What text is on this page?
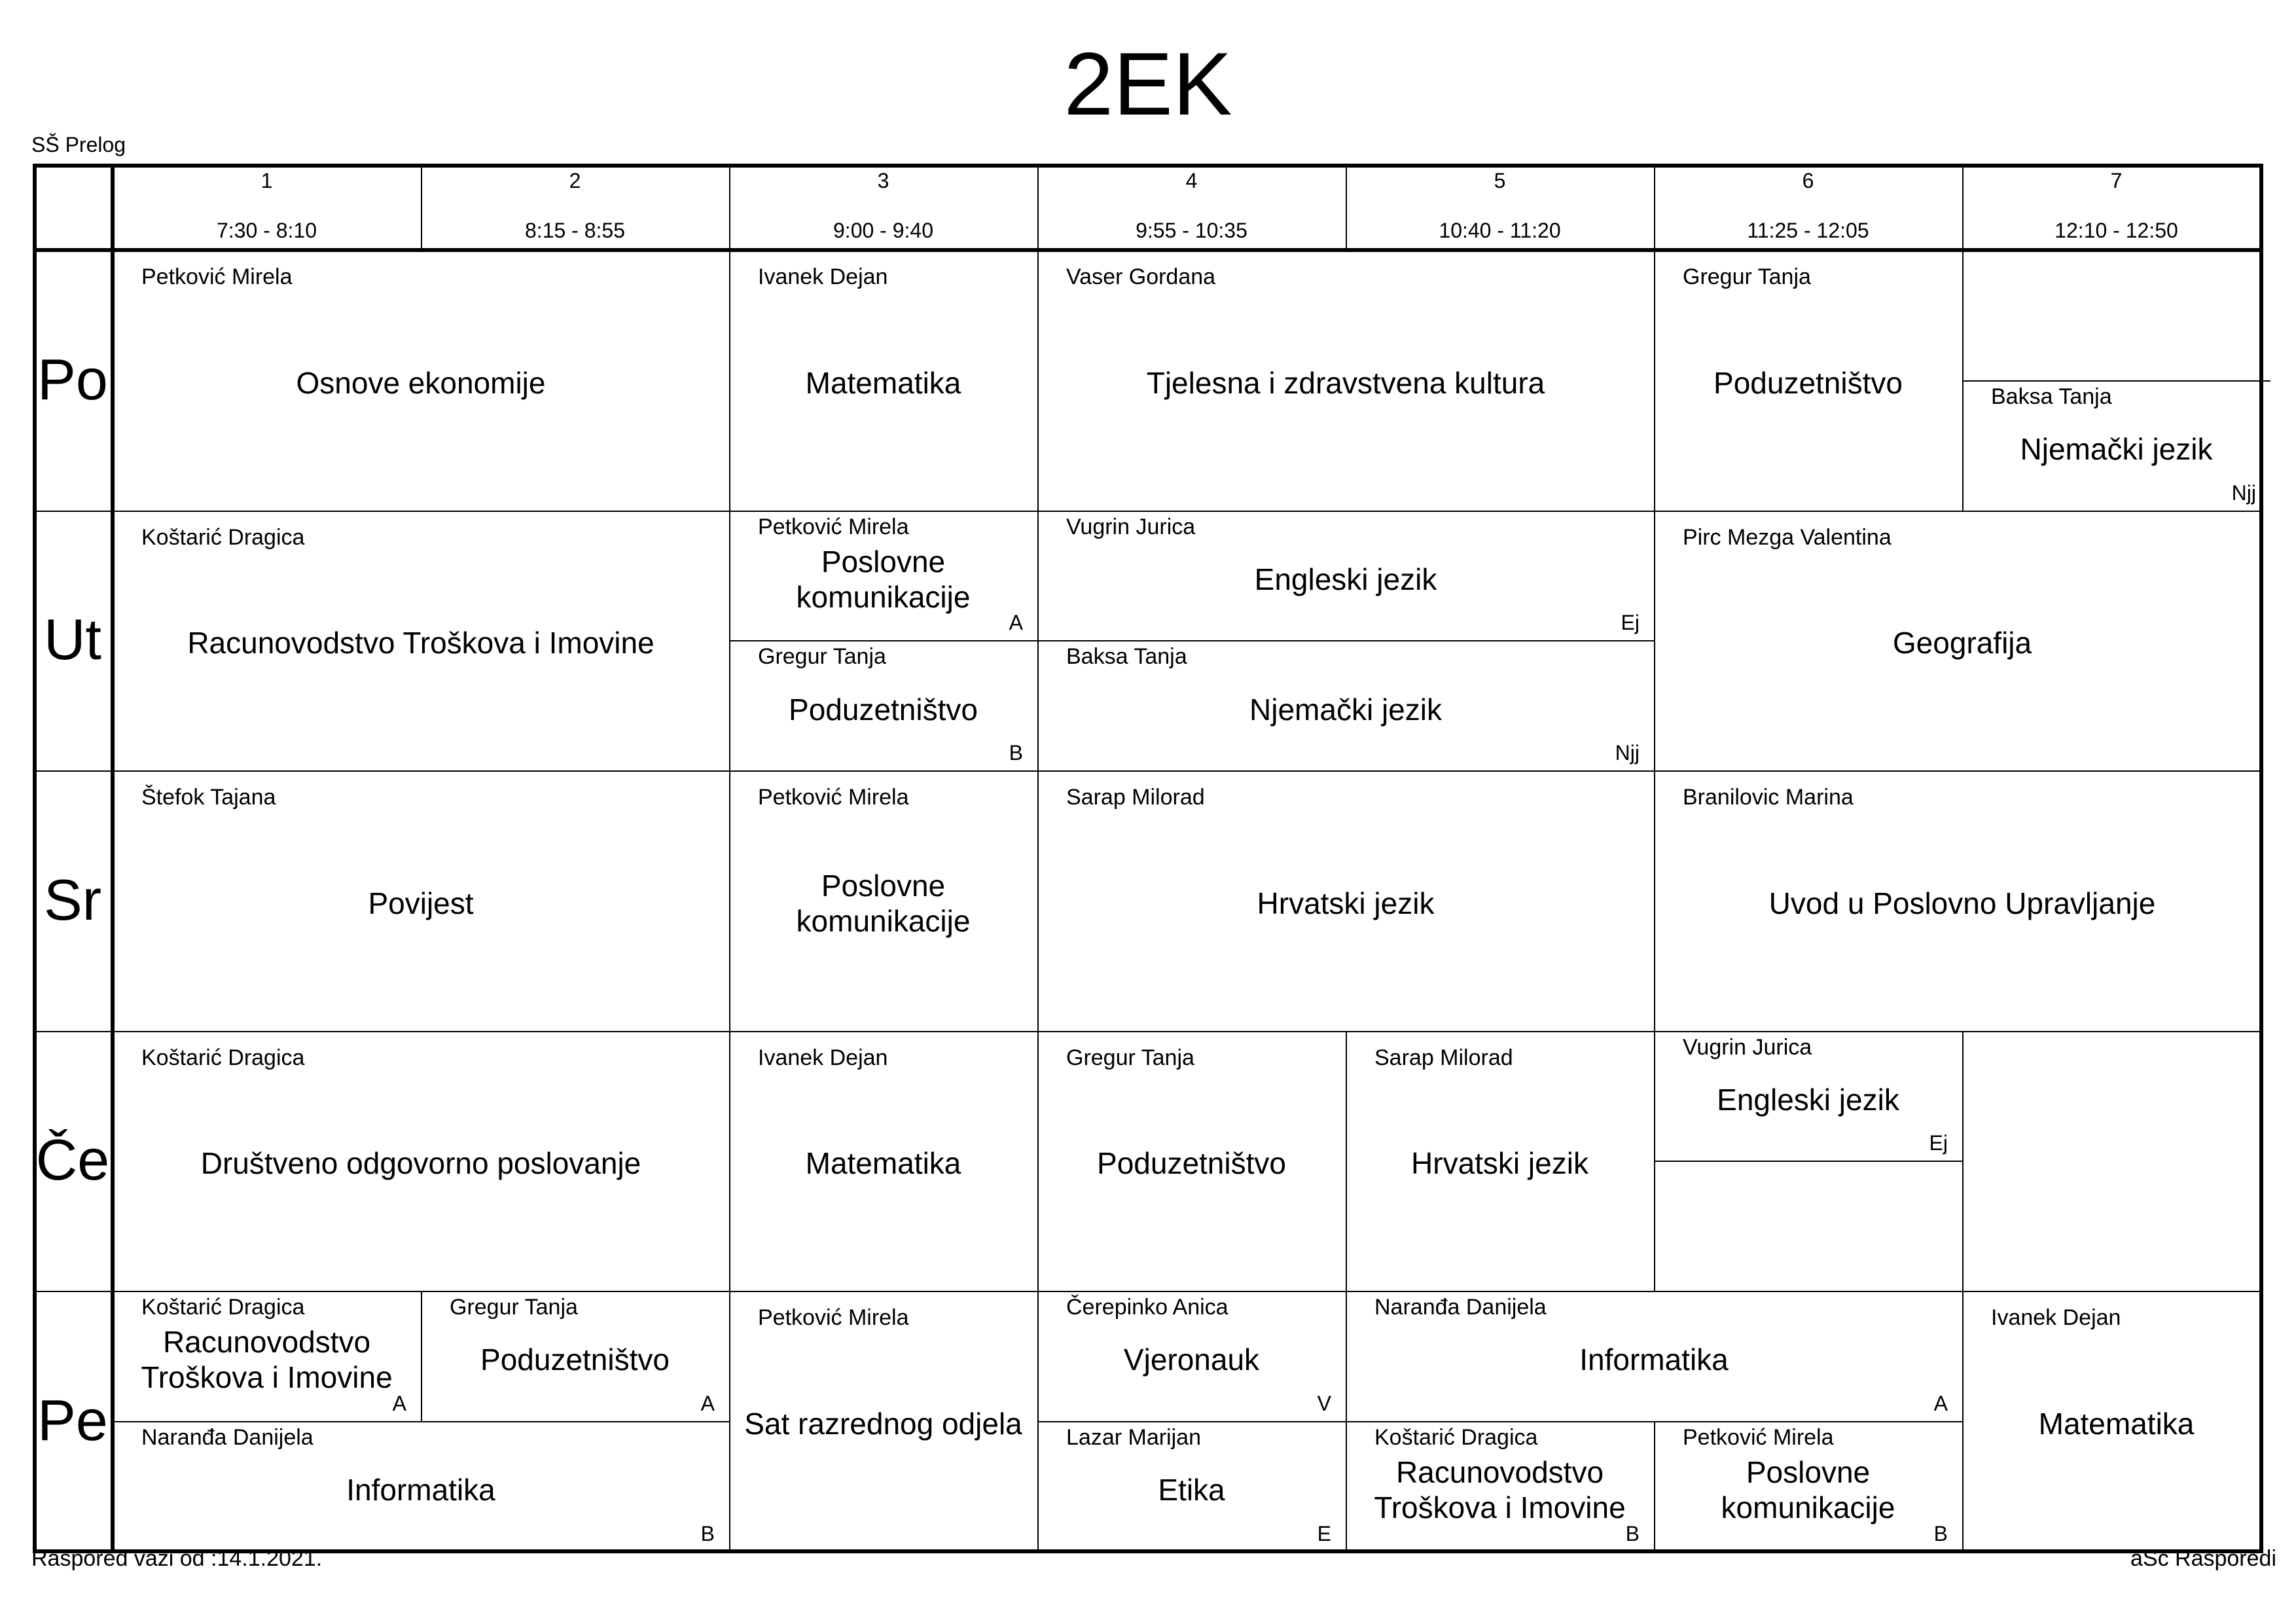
2EK
SŠ Prelog
1
7:30 - 8:10
2
8:15 - 8:55
3
9:00 - 9:40
4
9:55 - 10:35
5
10:40 - 11:20
6
11:25 - 12:05
7
12:10 - 12:50
Po
Ut
Sr
Če
Pe
Petković Mirela
Osnove ekonomije
Ivanek Dejan
Matematika
Vaser Gordana
Tjelesna i zdravstvena kultura
Gregur Tanja
Poduzetništvo	Baksa Tanja
Njemački jezik
Njj
Koštarić Dragica
Racunovodstvo Troškova i Imovine
Petković Mirela
Poslovne komunikacije
A
Gregur Tanja
Poduzetništvo
B
Vugrin Jurica
Engleski jezik
Ej
Baksa Tanja
Njemački jezik
Njj
Pirc Mezga Valentina
Geografija
Štefok Tajana
Povijest
Petković Mirela
Poslovne komunikacije
Sarap Milorad
Hrvatski jezik
Branilovic Marina
Uvod u Poslovno Upravljanje
Koštarić Dragica
Društveno odgovorno poslovanje
Ivanek Dejan
Matematika
Gregur Tanja
Poduzetništvo
Sarap Milorad
Hrvatski jezik
Vugrin Jurica
Engleski jezik
Ej
Koštarić Dragica
Racunovodstvo Troškova i Imovine
A
Gregur Tanja
Poduzetništvo
A
Naranđa Danijela
Informatika
B
Petković Mirela
Sat razrednog odjela
Čerepinko Anica
Vjeronauk
V
Lazar Marijan
Etika
E
Naranđa Danijela
Informatika
A
Koštarić Dragica
Racunovodstvo Troškova i Imovine
B
Petković Mirela
Poslovne komunikacije
B
Ivanek Dejan
Matematika
Raspored važi od :14.1.2021.	aSc Rasporedi
